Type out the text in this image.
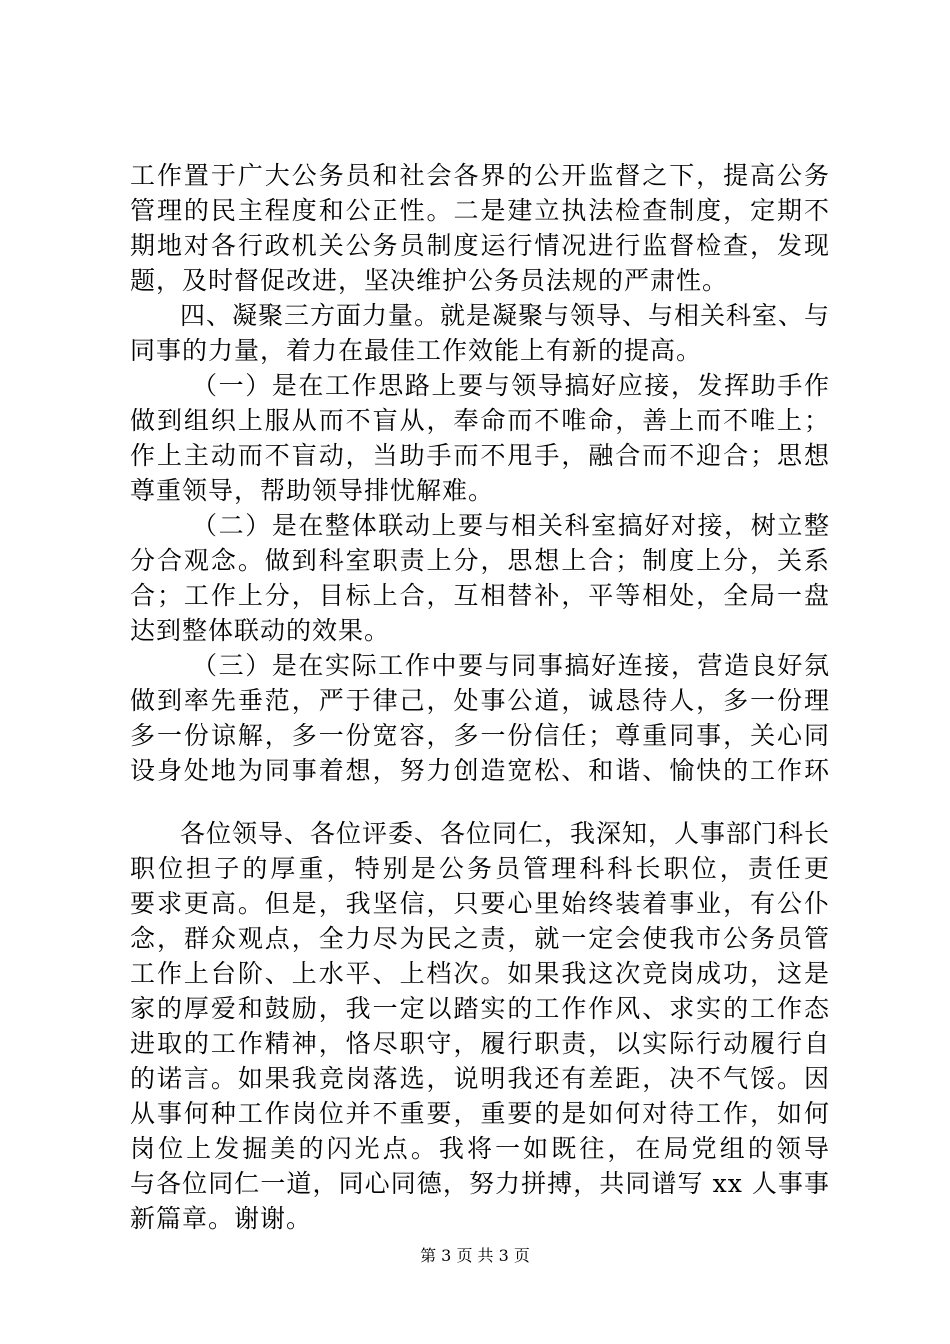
工作置于广大公务员和社会各界的公开监督之下，提高公务
管理的民主程度和公正性。二是建立执法检查制度，定期不
期地对各行政机关公务员制度运行情况进行监督检查，发现
题，及时督促改进，坚决维护公务员法规的严肃性。
四、凝聚三方面力量。就是凝聚与领导、与相关科室、与
同事的力量，着力在最佳工作效能上有新的提高。
（一）是在工作思路上要与领导搞好应接，发挥助手作
做到组织上服从而不盲从，奉命而不唯命，善上而不唯上；
作上主动而不盲动，当助手而不甩手，融合而不迎合；思想
尊重领导，帮助领导排忧解难。
（二）是在整体联动上要与相关科室搞好对接，树立整
分合观念。做到科室职责上分，思想上合；制度上分，关系
合；工作上分，目标上合，互相替补，平等相处，全局一盘
达到整体联动的效果。
（三）是在实际工作中要与同事搞好连接，营造良好氛
做到率先垂范，严于律己，处事公道，诚恳待人，多一份理
多一份谅解，多一份宽容，多一份信任；尊重同事，关心同
设身处地为同事着想，努力创造宽松、和谐、愉快的工作环
各位领导、各位评委、各位同仁，我深知，人事部门科长
职位担子的厚重，特别是公务员管理科科长职位，责任更
要求更高。但是，我坚信，只要心里始终装着事业，有公仆
念，群众观点，全力尽为民之责，就一定会使我市公务员管
工作上台阶、上水平、上档次。如果我这次竞岗成功，这是
家的厚爱和鼓励，我一定以踏实的工作作风、求实的工作态
进取的工作精神，恪尽职守，履行职责，以实际行动履行自
的诺言。如果我竞岗落选，说明我还有差距，决不气馁。因
从事何种工作岗位并不重要，重要的是如何对待工作，如何
岗位上发掘美的闪光点。我将一如既往，在局党组的领导
与各位同仁一道，同心同德，努力拼搏，共同谱写 xx 人事事
新篇章。谢谢。
第 3 页 共 3 页
